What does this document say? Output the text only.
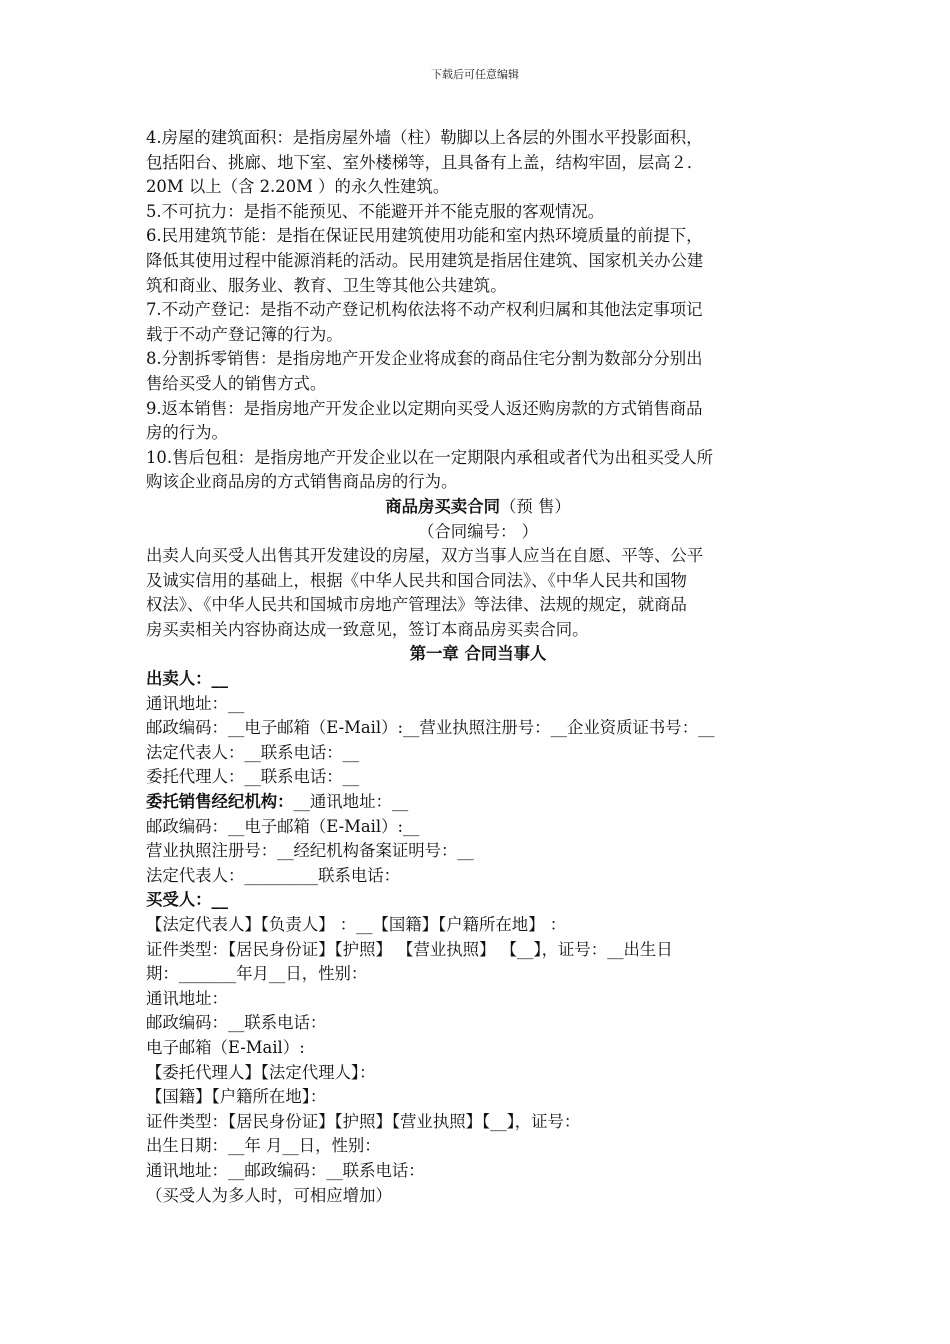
下载后可任意编辑
4.房屋的建筑面积：是指房屋外墙（柱）勒脚以上各层的外围水平投影面积，
包括阳台、挑廊、地下室、室外楼梯等，且具备有上盖，结构牢固，层高２．
20M 以上（含 2.20M ）的永久性建筑。
5.不可抗力：是指不能预见、不能避开并不能克服的客观情况。
6.民用建筑节能：是指在保证民用建筑使用功能和室内热环境质量的前提下，
降低其使用过程中能源消耗的活动。民用建筑是指居住建筑、国家机关办公建
筑和商业、服务业、教育、卫生等其他公共建筑。
7.不动产登记：是指不动产登记机构依法将不动产权利归属和其他法定事项记
载于不动产登记簿的行为。
8.分割拆零销售：是指房地产开发企业将成套的商品住宅分割为数部分分别出
售给买受人的销售方式。
9.返本销售：是指房地产开发企业以定期向买受人返还购房款的方式销售商品
房的行为。
10.售后包租：是指房地产开发企业以在一定期限内承租或者代为出租买受人所
购该企业商品房的方式销售商品房的行为。
商品房买卖合同（预 售）
（合同编号： ）
出卖人向买受人出售其开发建设的房屋，双方当事人应当在自愿、平等、公平
及诚实信用的基础上，根据《中华人民共和国合同法》、《中华人民共和国物
权法》、《中华人民共和国城市房地产管理法》等法律、法规的规定，就商品
房买卖相关内容协商达成一致意见，签订本商品房买卖合同。
第一章 合同当事人
出卖人：__
通讯地址：__
邮政编码：__电子邮箱（E-Mail）:__营业执照注册号：__企业资质证书号：__
法定代表人：__联系电话：__
委托代理人：__联系电话：__
委托销售经纪机构：__通讯地址：__
邮政编码：__电子邮箱（E-Mail）:__
营业执照注册号：__经纪机构备案证明号：__
法定代表人：_________联系电话：
买受人：__
【法定代表人】【负责人】 ：__【国籍】【户籍所在地】 ：
证件类型：【居民身份证】【护照】 【营业执照】 【__】，证号：__出生日
期：_______年月__日，性别：
通讯地址：
邮政编码：__联系电话：
电子邮箱（E-Mail）:
【委托代理人】【法定代理人】：
【国籍】【户籍所在地】：
证件类型：【居民身份证】【护照】【营业执照】【__】，证号：
出生日期：__年 月__日，性别：
通讯地址：__邮政编码：__联系电话：
（买受人为多人时，可相应增加）
